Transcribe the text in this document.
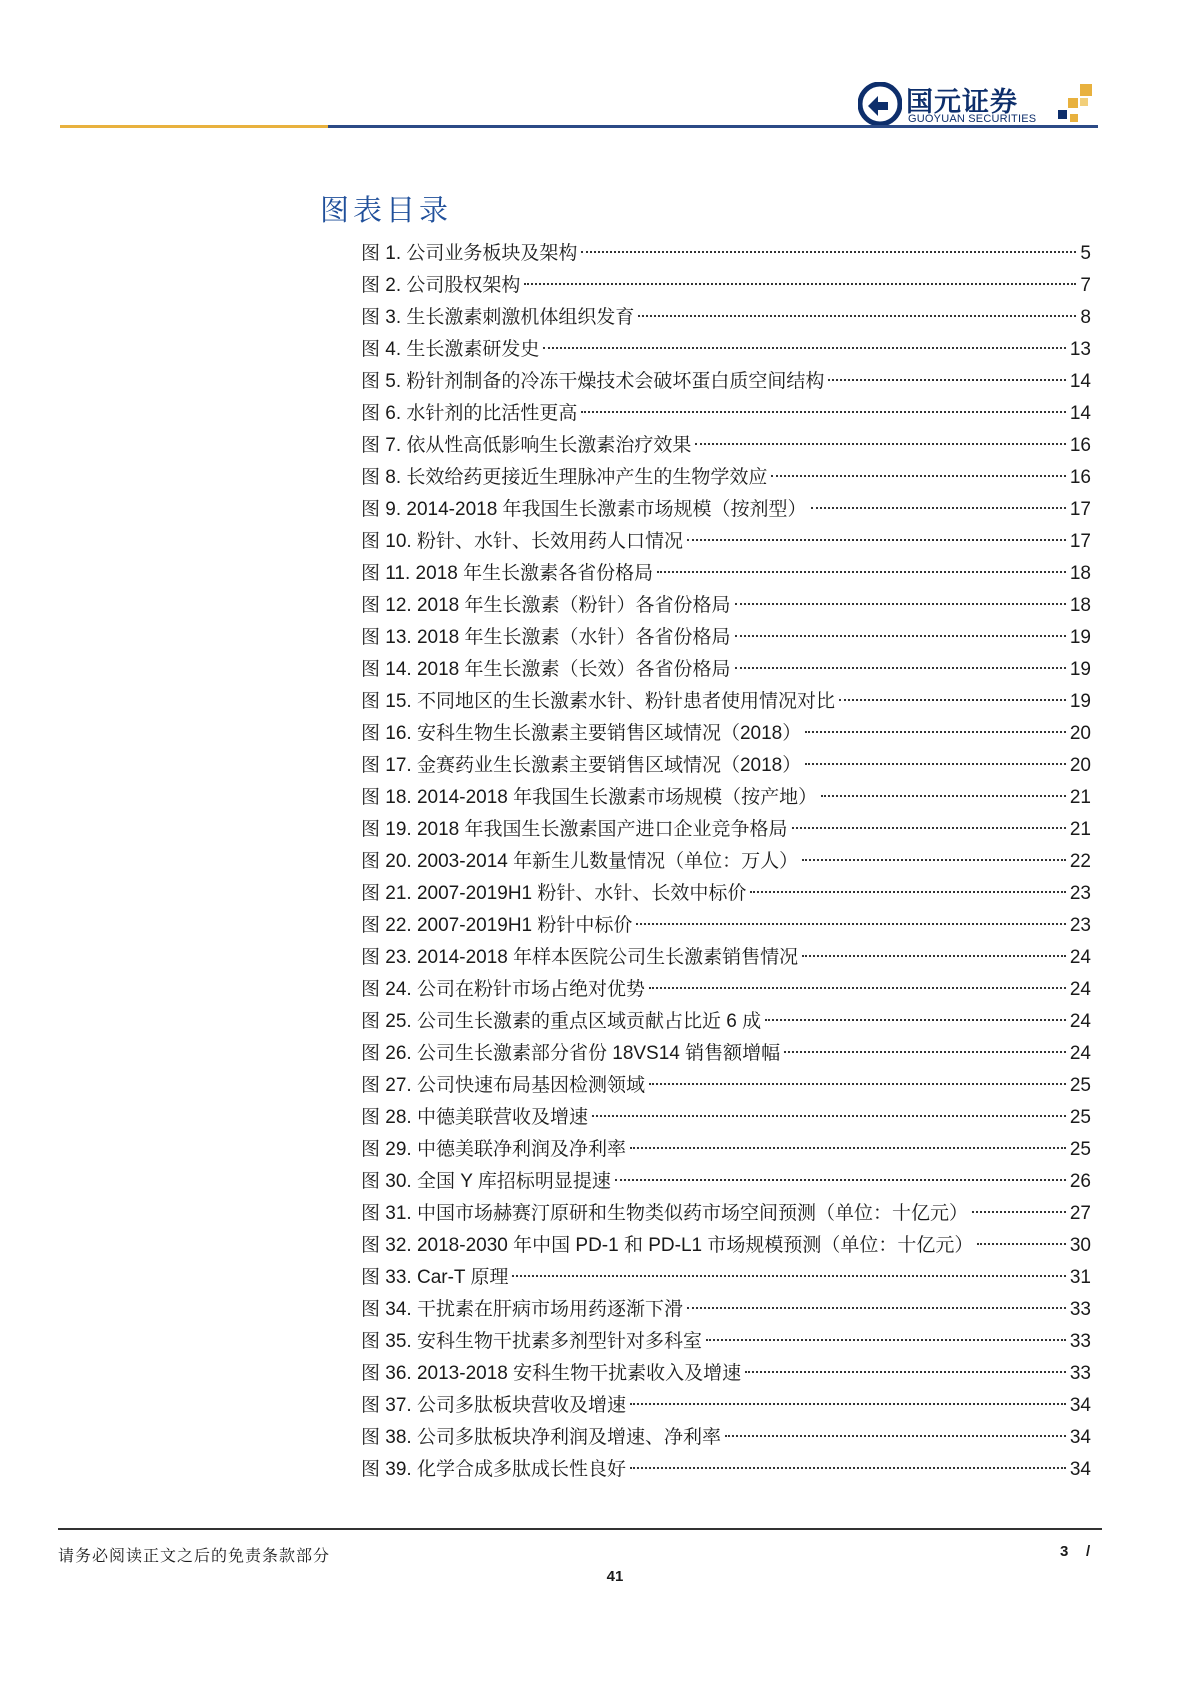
国元证券
GUOYUAN SECURITIES
图表目录
图 1. 公司业务板块及架构	5
图 2. 公司股权架构	7
图 3. 生长激素刺激机体组织发育	8
图 4. 生长激素研发史	13
图 5. 粉针剂制备的冷冻干燥技术会破坏蛋白质空间结构	14
图 6. 水针剂的比活性更高	14
图 7. 依从性高低影响生长激素治疗效果	16
图 8. 长效给药更接近生理脉冲产生的生物学效应	16
图 9. 2014-2018 年我国生长激素市场规模（按剂型）	17
图 10. 粉针、水针、长效用药人口情况	17
图 11. 2018 年生长激素各省份格局	18
图 12. 2018 年生长激素（粉针）各省份格局	18
图 13. 2018 年生长激素（水针）各省份格局	19
图 14. 2018 年生长激素（长效）各省份格局	19
图 15. 不同地区的生长激素水针、粉针患者使用情况对比	19
图 16. 安科生物生长激素主要销售区域情况（2018）	20
图 17. 金赛药业生长激素主要销售区域情况（2018）	20
图 18. 2014-2018 年我国生长激素市场规模（按产地）	21
图 19. 2018 年我国生长激素国产进口企业竞争格局	21
图 20. 2003-2014 年新生儿数量情况（单位：万人）	22
图 21. 2007-2019H1 粉针、水针、长效中标价	23
图 22. 2007-2019H1 粉针中标价	23
图 23. 2014-2018 年样本医院公司生长激素销售情况	24
图 24. 公司在粉针市场占绝对优势	24
图 25. 公司生长激素的重点区域贡献占比近 6 成	24
图 26. 公司生长激素部分省份 18VS14 销售额增幅	24
图 27. 公司快速布局基因检测领域	25
图 28. 中德美联营收及增速	25
图 29. 中德美联净利润及净利率	25
图 30. 全国 Y 库招标明显提速	26
图 31. 中国市场赫赛汀原研和生物类似药市场空间预测（单位：十亿元）	27
图 32. 2018-2030 年中国 PD-1 和 PD-L1 市场规模预测（单位：十亿元）	30
图 33. Car-T 原理	31
图 34. 干扰素在肝病市场用药逐渐下滑	33
图 35. 安科生物干扰素多剂型针对多科室	33
图 36. 2013-2018 安科生物干扰素收入及增速	33
图 37. 公司多肽板块营收及增速	34
图 38. 公司多肽板块净利润及增速、净利率	34
图 39. 化学合成多肽成长性良好	34
请务必阅读正文之后的免责条款部分	3 /
41
